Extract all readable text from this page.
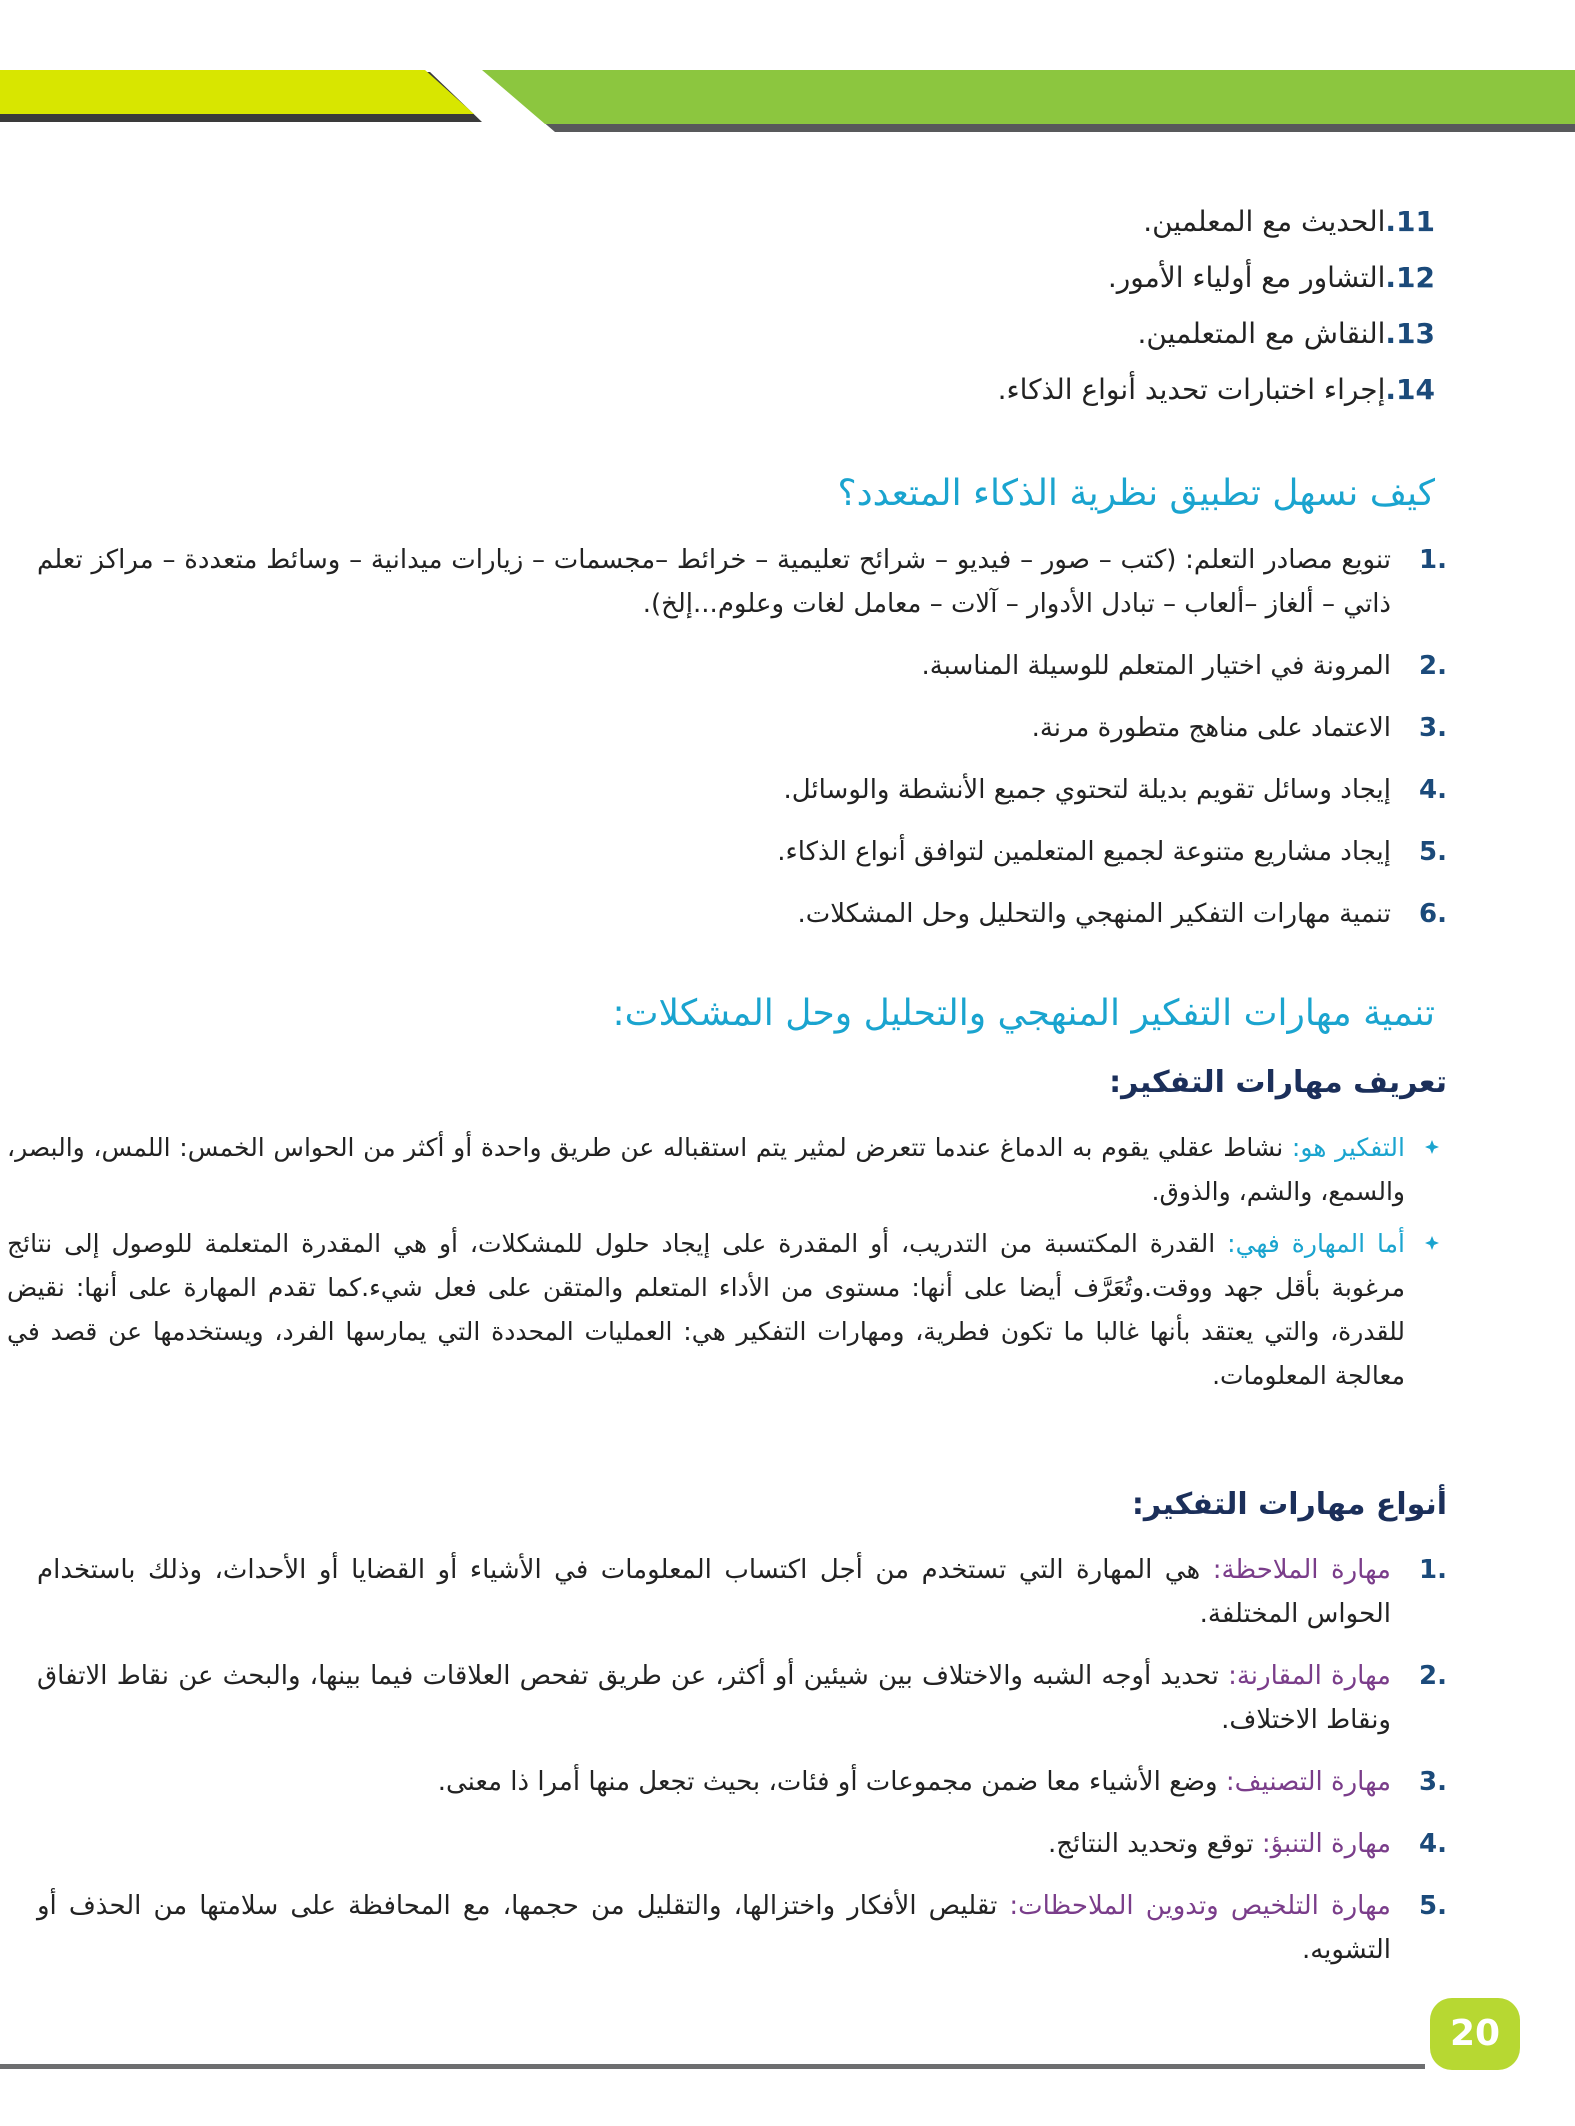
11.الحديث مع المعلمين.
12.التشاور مع أولياء الأمور.
13.النقاش مع المتعلمين.
14.إجراء اختبارات تحديد أنواع الذكاء.
كيف نسهل تطبيق نظرية الذكاء المتعدد؟
1.
تنويع مصادر التعلم: (كتب – صور – فيديو – شرائح تعليمية – خرائط –مجسمات – زيارات ميدانية – وسائط متعددة – مراكز تعلم ذاتي – ألغاز –ألعاب – تبادل الأدوار – آلات – معامل لغات وعلوم...إلخ).
2.
المرونة في اختيار المتعلم للوسيلة المناسبة.
3.
الاعتماد على مناهج متطورة مرنة.
4.
إيجاد وسائل تقويم بديلة لتحتوي جميع الأنشطة والوسائل.
5.
إيجاد مشاريع متنوعة لجميع المتعلمين لتوافق أنواع الذكاء.
6.
تنمية مهارات التفكير المنهجي والتحليل وحل المشكلات.
تنمية مهارات التفكير المنهجي والتحليل وحل المشكلات:
تعريف مهارات التفكير:
التفكير هو: نشاط عقلي يقوم به الدماغ عندما تتعرض لمثير يتم استقباله عن طريق واحدة أو أكثر من الحواس الخمس: اللمس، والبصر، والسمع، والشم، والذوق.
أما المهارة فهي: القدرة المكتسبة من التدريب، أو المقدرة على إيجاد حلول للمشكلات، أو هي المقدرة المتعلمة للوصول إلى نتائج مرغوبة بأقل جهد ووقت.وتُعَرَّف أيضا على أنها: مستوى من الأداء المتعلم والمتقن على فعل شيء.كما تقدم المهارة على أنها: نقيض للقدرة، والتي يعتقد بأنها غالبا ما تكون فطرية، ومهارات التفكير هي: العمليات المحددة التي يمارسها الفرد، ويستخدمها عن قصد في معالجة المعلومات.
أنواع مهارات التفكير:
1.
مهارة الملاحظة: هي المهارة التي تستخدم من أجل اكتساب المعلومات في الأشياء أو القضايا أو الأحداث، وذلك باستخدام الحواس المختلفة.
2.
مهارة المقارنة: تحديد أوجه الشبه والاختلاف بين شيئين أو أكثر، عن طريق تفحص العلاقات فيما بينها، والبحث عن نقاط الاتفاق ونقاط الاختلاف.
3.
مهارة التصنيف: وضع الأشياء معا ضمن مجموعات أو فئات، بحيث تجعل منها أمرا ذا معنى.
4.
مهارة التنبؤ: توقع وتحديد النتائج.
5.
مهارة التلخيص وتدوين الملاحظات: تقليص الأفكار واختزالها، والتقليل من حجمها، مع المحافظة على سلامتها من الحذف أو التشويه.
20
